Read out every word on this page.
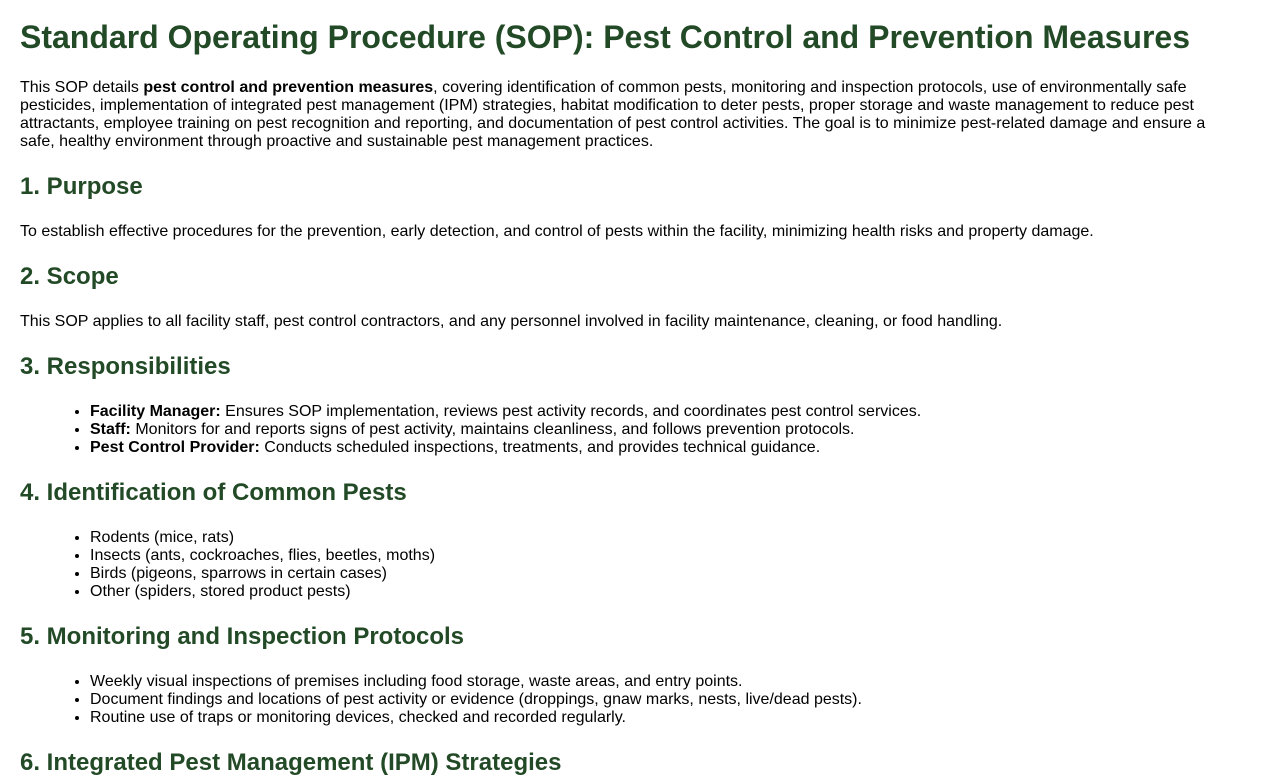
Standard Operating Procedure (SOP): Pest Control and Prevention Measures

This SOP details pest control and prevention measures, covering identification of common pests, monitoring and inspection protocols, use of environmentally safe pesticides, implementation of integrated pest management (IPM) strategies, habitat modification to deter pests, proper storage and waste management to reduce pest attractants, employee training on pest recognition and reporting, and documentation of pest control activities. The goal is to minimize pest-related damage and ensure a safe, healthy environment through proactive and sustainable pest management practices.

1. Purpose

To establish effective procedures for the prevention, early detection, and control of pests within the facility, minimizing health risks and property damage.

2. Scope

This SOP applies to all facility staff, pest control contractors, and any personnel involved in facility maintenance, cleaning, or food handling.

3. Responsibilities
• Facility Manager: Ensures SOP implementation, reviews pest activity records, and coordinates pest control services.
• Staff: Monitors for and reports signs of pest activity, maintains cleanliness, and follows prevention protocols.
• Pest Control Provider: Conducts scheduled inspections, treatments, and provides technical guidance.
4. Identification of Common Pests
• Rodents (mice, rats)
• Insects (ants, cockroaches, flies, beetles, moths)
• Birds (pigeons, sparrows in certain cases)
• Other (spiders, stored product pests)
5. Monitoring and Inspection Protocols
• Weekly visual inspections of premises including food storage, waste areas, and entry points.
• Document findings and locations of pest activity or evidence (droppings, gnaw marks, nests, live/dead pests).
• Routine use of traps or monitoring devices, checked and recorded regularly.
6. Integrated Pest Management (IPM) Strategies
